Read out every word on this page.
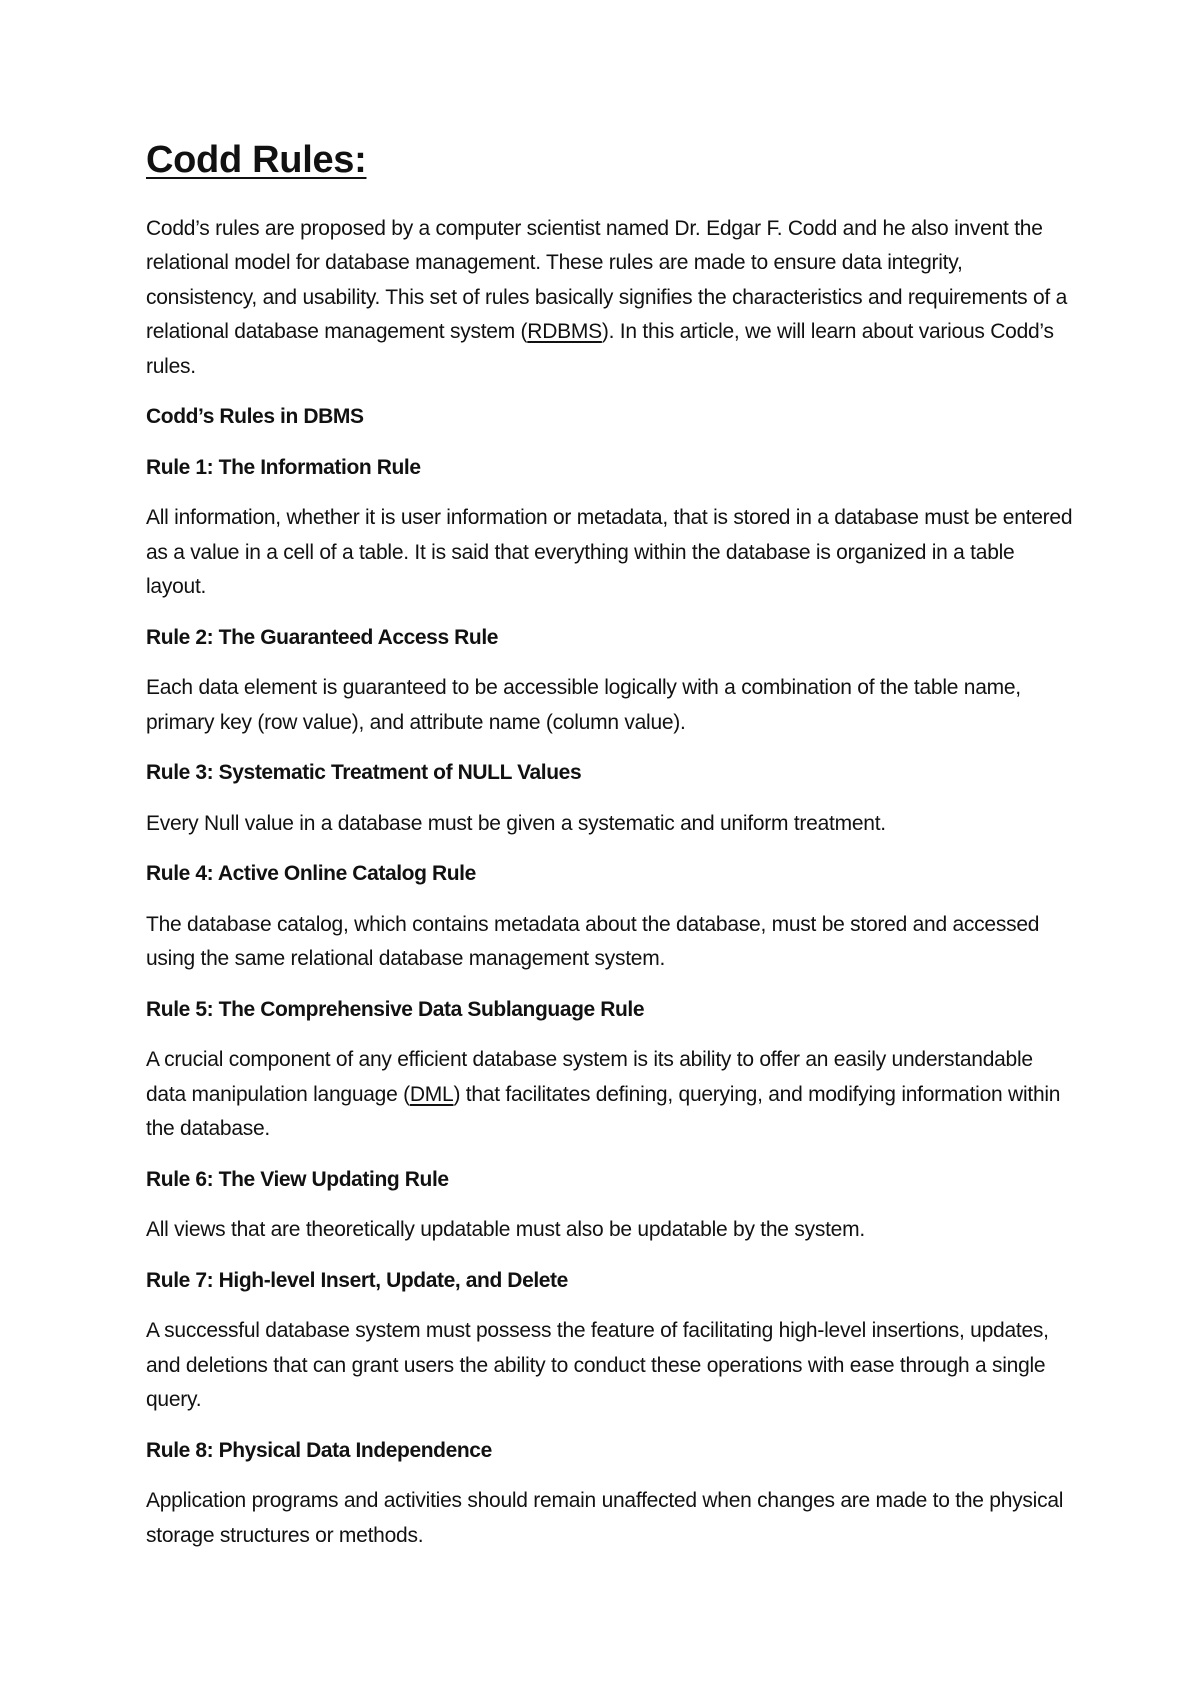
Codd Rules:

Codd’s rules are proposed by a computer scientist named Dr. Edgar F. Codd and he also invent the relational model for database management. These rules are made to ensure data integrity, consistency, and usability. This set of rules basically signifies the characteristics and requirements of a relational database management system (RDBMS). In this article, we will learn about various Codd’s rules.

Codd’s Rules in DBMS

Rule 1: The Information Rule

All information, whether it is user information or metadata, that is stored in a database must be entered as a value in a cell of a table. It is said that everything within the database is organized in a table layout.

Rule 2: The Guaranteed Access Rule

Each data element is guaranteed to be accessible logically with a combination of the table name, primary key (row value), and attribute name (column value).

Rule 3: Systematic Treatment of NULL Values

Every Null value in a database must be given a systematic and uniform treatment.

Rule 4: Active Online Catalog Rule

The database catalog, which contains metadata about the database, must be stored and accessed using the same relational database management system.

Rule 5: The Comprehensive Data Sublanguage Rule

A crucial component of any efficient database system is its ability to offer an easily understandable data manipulation language (DML) that facilitates defining, querying, and modifying information within the database.

Rule 6: The View Updating Rule

All views that are theoretically updatable must also be updatable by the system.

Rule 7: High-level Insert, Update, and Delete

A successful database system must possess the feature of facilitating high-level insertions, updates, and deletions that can grant users the ability to conduct these operations with ease through a single query.

Rule 8: Physical Data Independence

Application programs and activities should remain unaffected when changes are made to the physical storage structures or methods.
